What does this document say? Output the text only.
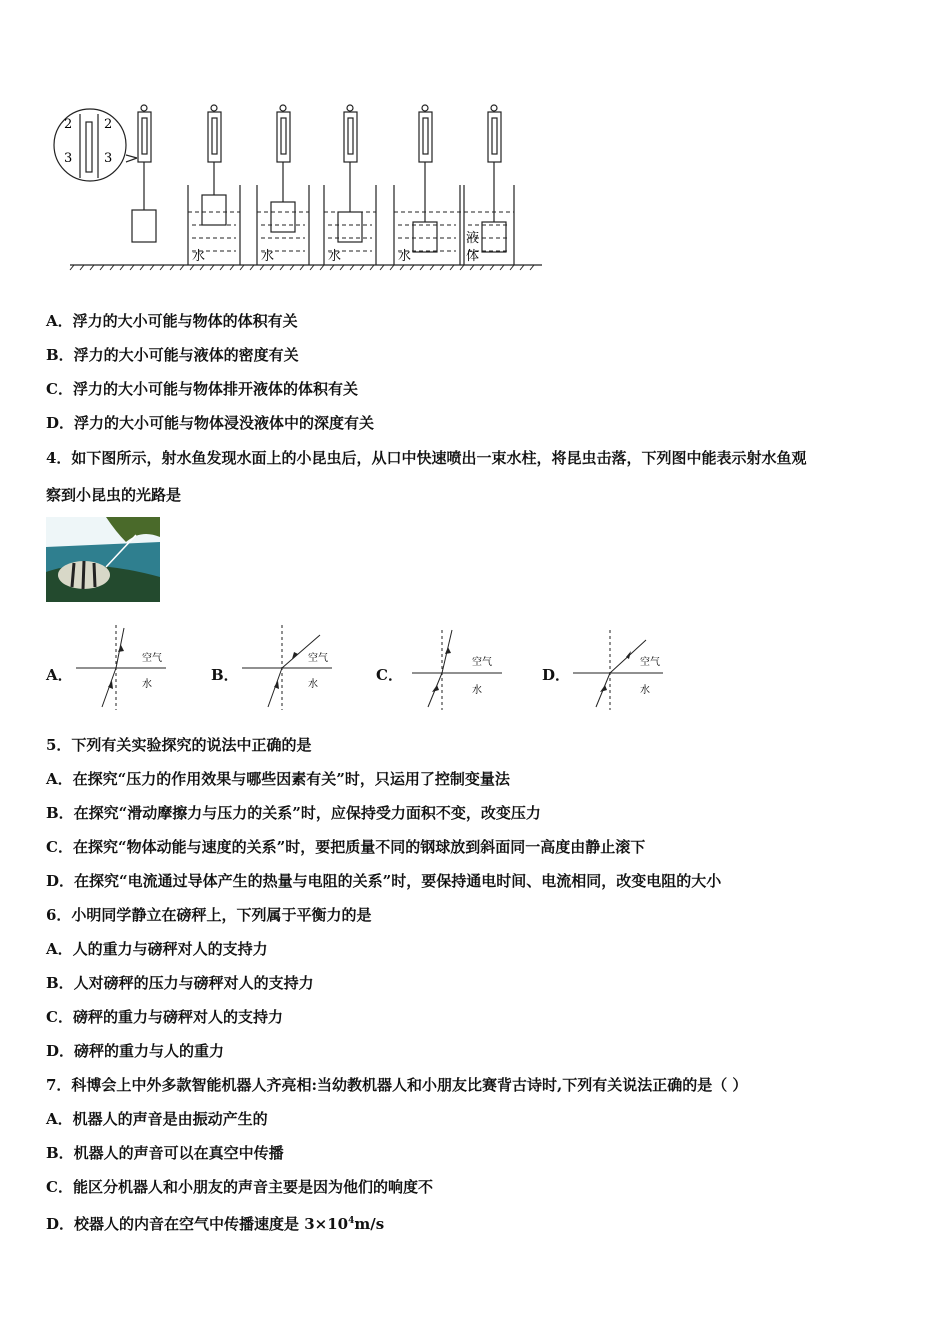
2 2
3 3
水	水	水	水
液
体
A．浮力的大小可能与物体的体积有关
B．浮力的大小可能与液体的密度有关
C．浮力的大小可能与物体排开液体的体积有关
D．浮力的大小可能与物体浸没液体中的深度有关
4．如下图所示，射水鱼发现水面上的小昆虫后，从口中快速喷出一束水柱，将昆虫击落，下列图中能表示射水鱼观
察到小昆虫的光路是
空气
水
空气
水
空气
水
空气
水
A．	B．	C．	D．
5．下列有关实验探究的说法中正确的是
A．在探究“压力的作用效果与哪些因素有关”时，只运用了控制变量法
B．在探究“滑动摩擦力与压力的关系”时，应保持受力面积不变，改变压力
C．在探究“物体动能与速度的关系”时，要把质量不同的钢球放到斜面同一高度由静止滚下
D．在探究“电流通过导体产生的热量与电阻的关系”时，要保持通电时间、电流相同，改变电阻的大小
6．小明同学静立在磅秤上，下列属于平衡力的是
A．人的重力与磅秤对人的支持力
B．人对磅秤的压力与磅秤对人的支持力
C．磅秤的重力与磅秤对人的支持力
D．磅秤的重力与人的重力
7．科博会上中外多款智能机器人齐亮相:当幼教机器人和小朋友比赛背古诗时,下列有关说法正确的是（ ）
A．机器人的声音是由振动产生的
B．机器人的声音可以在真空中传播
C．能区分机器人和小朋友的声音主要是因为他们的响度不
D．校器人的内音在空气中传播速度是 $3\times 10^4m/s$
